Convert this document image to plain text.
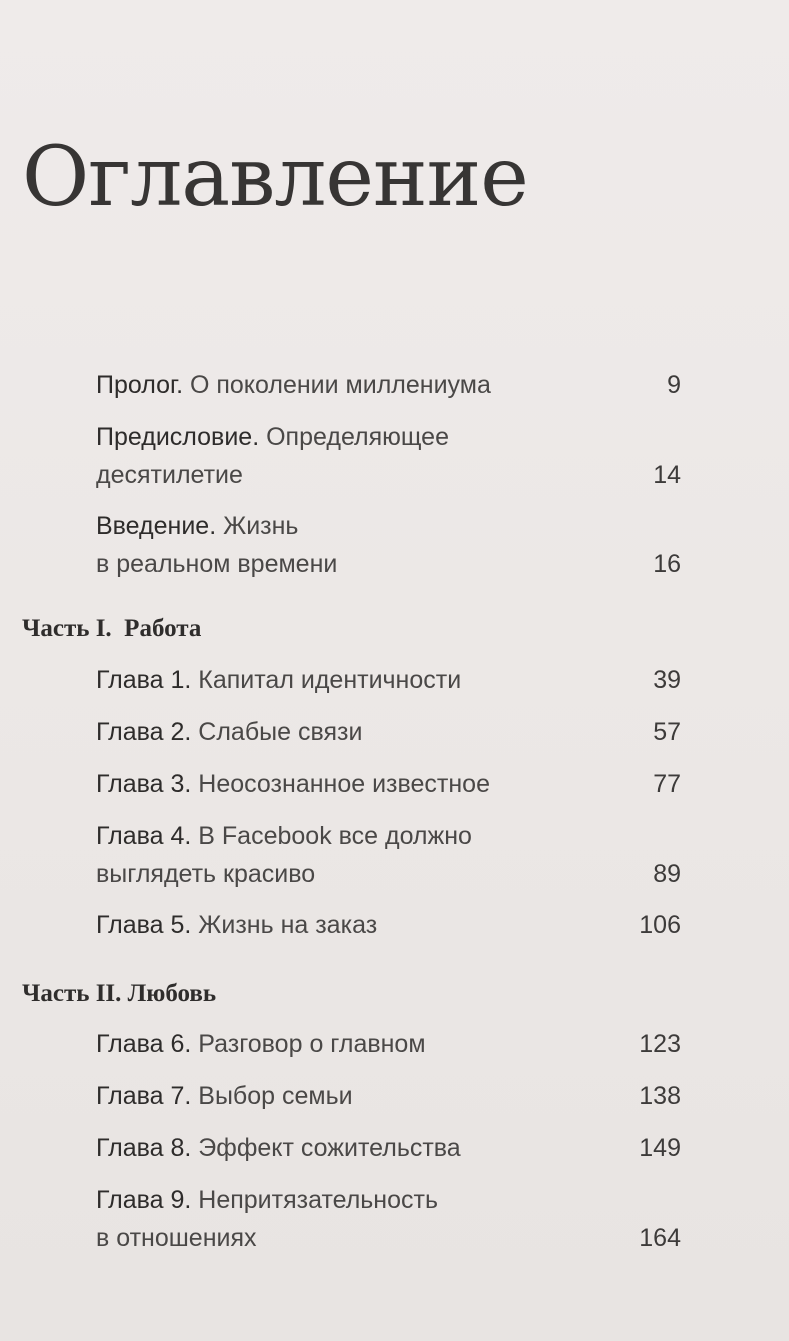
Оглавление
Пролог. О поколении миллениума	9
Предисловие. Определяющее
десятилетие	14
Введение. Жизнь
в реальном времени	16
Часть I.  Работа
Глава 1. Капитал идентичности	39
Глава 2. Слабые связи	57
Глава 3. Неосознанное известное	77
Глава 4. В Facebook все должно
выглядеть красиво	89
Глава 5. Жизнь на заказ	106
Часть II. Любовь
Глава 6. Разговор о главном	123
Глава 7. Выбор семьи	138
Глава 8. Эффект сожительства	149
Глава 9. Непритязательность
в отношениях	164
